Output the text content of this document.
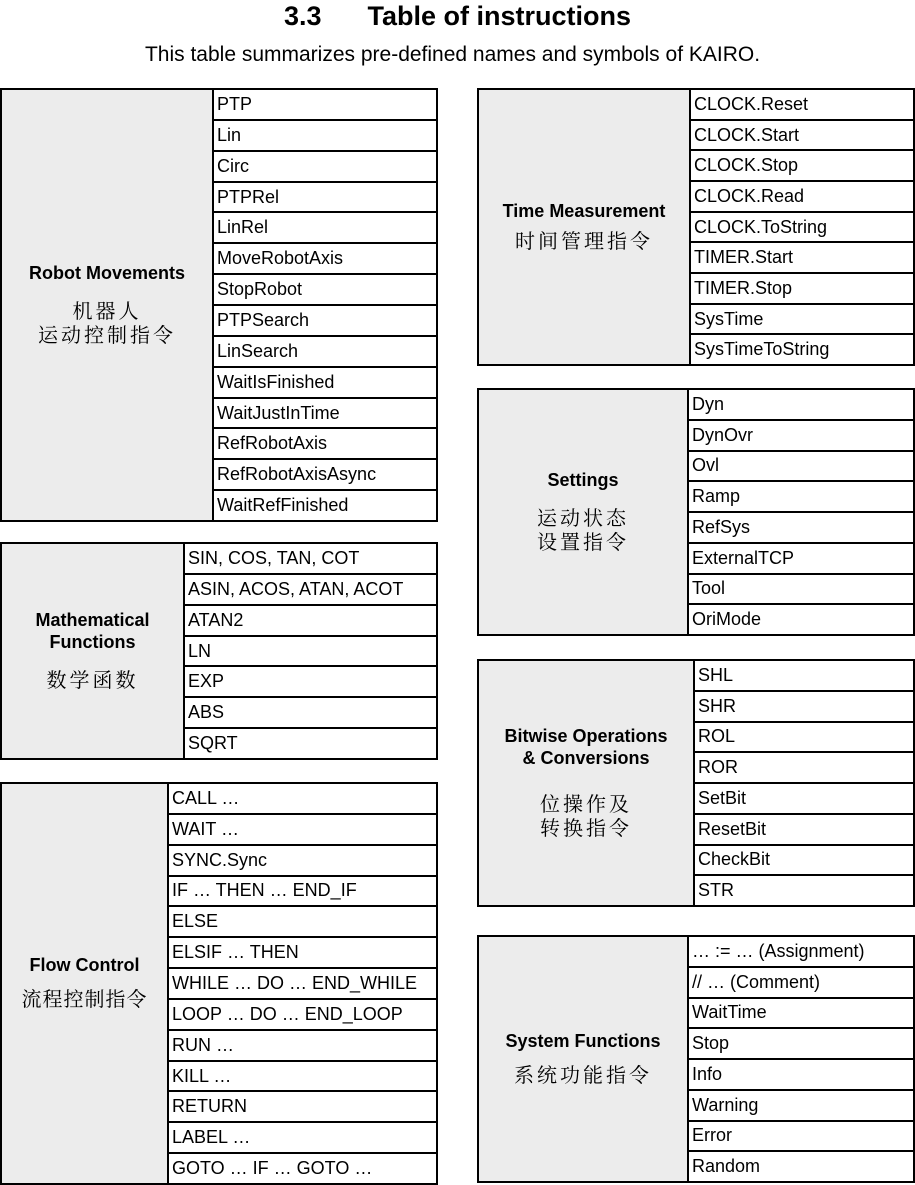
3.3 Table of instructions
This table summarizes pre-defined names and symbols of KAIRO.
Robot Movements
机器人
运动控制指令
PTP
Lin
Circ
PTPRel
LinRel
MoveRobotAxis
StopRobot
PTPSearch
LinSearch
WaitIsFinished
WaitJustInTime
RefRobotAxis
RefRobotAxisAsync
WaitRefFinished
Mathematical
Functions
数学函数
SIN, COS, TAN, COT
ASIN, ACOS, ATAN, ACOT
ATAN2
LN
EXP
ABS
SQRT
Flow Control
流程控制指令
CALL …
WAIT …
SYNC.Sync
IF … THEN … END_IF
ELSE
ELSIF … THEN
WHILE … DO … END_WHILE
LOOP … DO … END_LOOP
RUN …
KILL …
RETURN
LABEL …
GOTO … IF … GOTO …
Time Measurement
时间管理指令
CLOCK.Reset
CLOCK.Start
CLOCK.Stop
CLOCK.Read
CLOCK.ToString
TIMER.Start
TIMER.Stop
SysTime
SysTimeToString
Settings
运动状态
设置指令
Dyn
DynOvr
Ovl
Ramp
RefSys
ExternalTCP
Tool
OriMode
Bitwise Operations
& Conversions
位操作及
转换指令
SHL
SHR
ROL
ROR
SetBit
ResetBit
CheckBit
STR
System Functions
系统功能指令
… := … (Assignment)
// … (Comment)
WaitTime
Stop
Info
Warning
Error
Random
